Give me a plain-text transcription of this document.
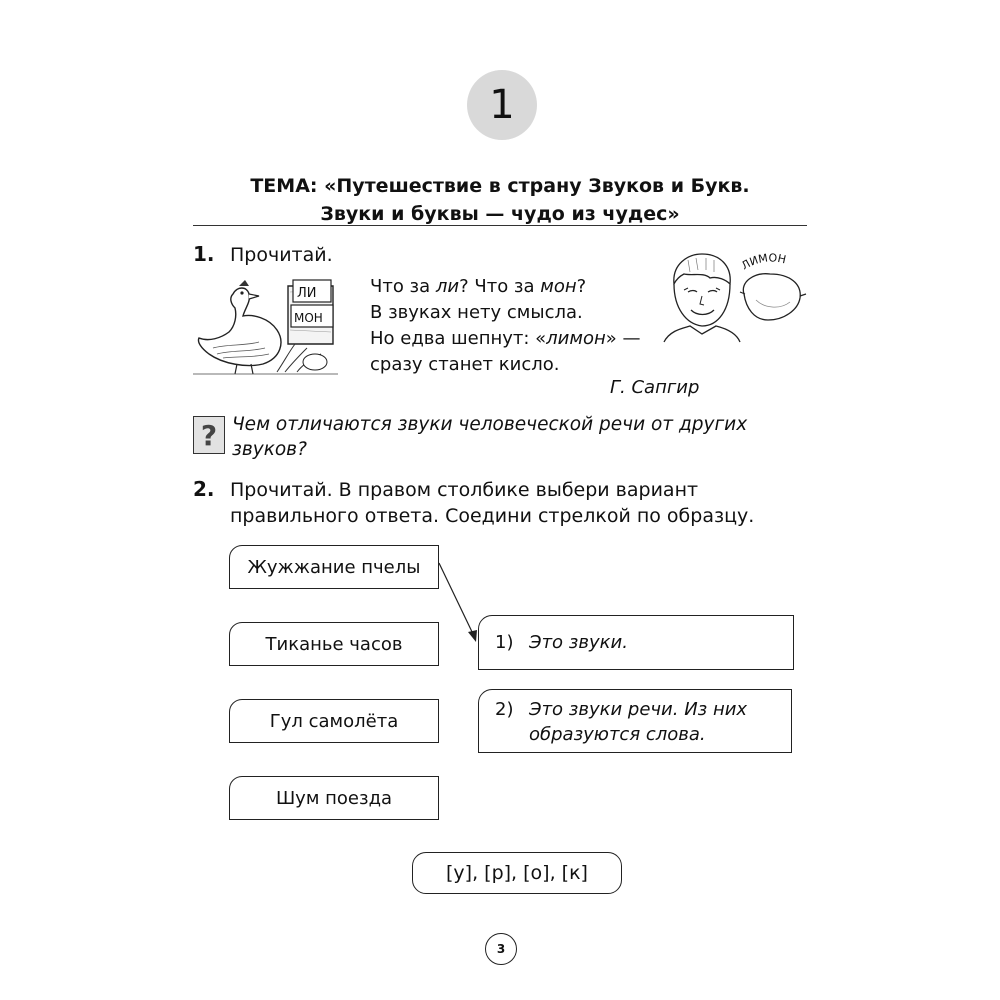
1
ТЕМА: «Путешествие в страну Звуков и Букв.
Звуки и буквы — чудо из чудес»
1. Прочитай.
ЛИ
МОН
Что за ли? Что за мон?
В звуках нету смысла.
Но едва шепнут: «лимон» —
сразу станет кисло.
Г. Сапгир
ЛИМОН
? Чем отличаются звуки человеческой речи от других звуков?
2. Прочитай. В правом столбике выбери вариант правильного ответа. Соедини стрелкой по образцу.
Жужжание пчелы
Тиканье часов
Гул самолёта
Шум поезда
1) Это звуки.
2) Это звуки речи. Из них
образуются слова.
[у], [р], [о], [к]
3
